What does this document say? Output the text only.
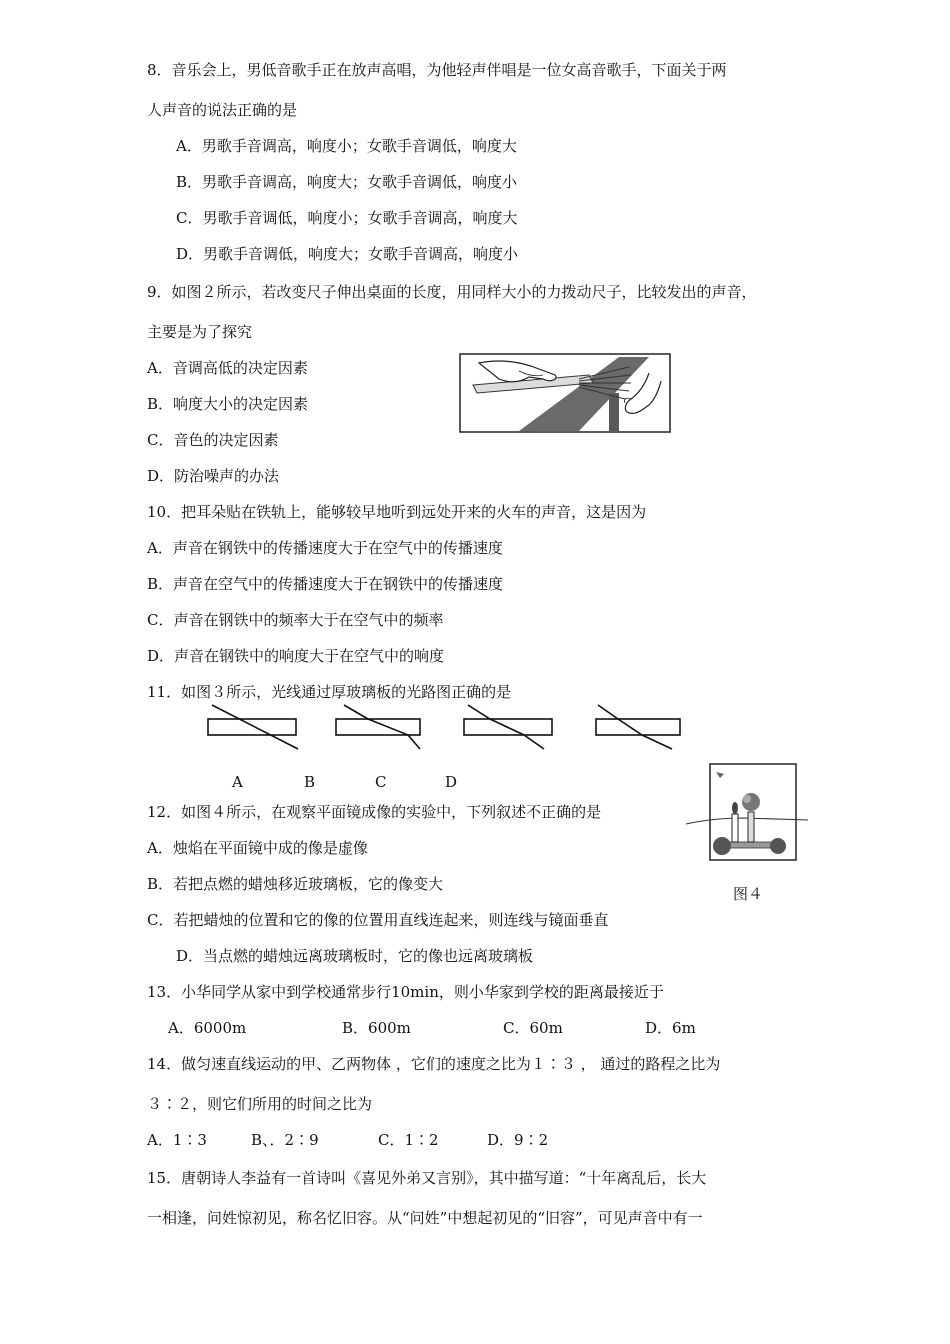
8．音乐会上，男低音歌手正在放声高唱，为他轻声伴唱是一位女高音歌手，下面关于两
人声音的说法正确的是
A．男歌手音调高，响度小；女歌手音调低，响度大
B．男歌手音调高，响度大；女歌手音调低，响度小
C．男歌手音调低，响度小；女歌手音调高，响度大
D．男歌手音调低，响度大；女歌手音调高，响度小
9．如图２所示，若改变尺子伸出桌面的长度，用同样大小的力拨动尺子，比较发出的声音，
主要是为了探究
A．音调高低的决定因素
B．响度大小的决定因素
C．音色的决定因素
D．防治噪声的办法
10．把耳朵贴在铁轨上，能够较早地听到远处开来的火车的声音，这是因为
A．声音在钢铁中的传播速度大于在空气中的传播速度
B．声音在空气中的传播速度大于在钢铁中的传播速度
C．声音在钢铁中的频率大于在空气中的频率
D．声音在钢铁中的响度大于在空气中的响度
11．如图３所示，光线通过厚玻璃板的光路图正确的是
A	B	C	D
图４
12．如图４所示，在观察平面镜成像的实验中，下列叙述不正确的是
A．烛焰在平面镜中成的像是虚像
B．若把点燃的蜡烛移近玻璃板，它的像变大
C．若把蜡烛的位置和它的像的位置用直线连起来，则连线与镜面垂直
D．当点燃的蜡烛远离玻璃板时，它的像也远离玻璃板
13．小华同学从家中到学校通常步行10min，则小华家到学校的距离最接近于
A．6000m	B．600m	C．60m	D．6m
14．做匀速直线运动的甲、乙两物体 ，它们的速度之比为１∶３ ， 通过的路程之比为
３∶２，则它们所用的时间之比为
A．1∶3	B、．2∶9	C．1∶2	D．9∶2
15．唐朝诗人李益有一首诗叫《喜见外弟又言别》，其中描写道：“十年离乱后，长大
一相逢，问姓惊初见，称名忆旧容。从“问姓”中想起初见的“旧容”，可见声音中有一
